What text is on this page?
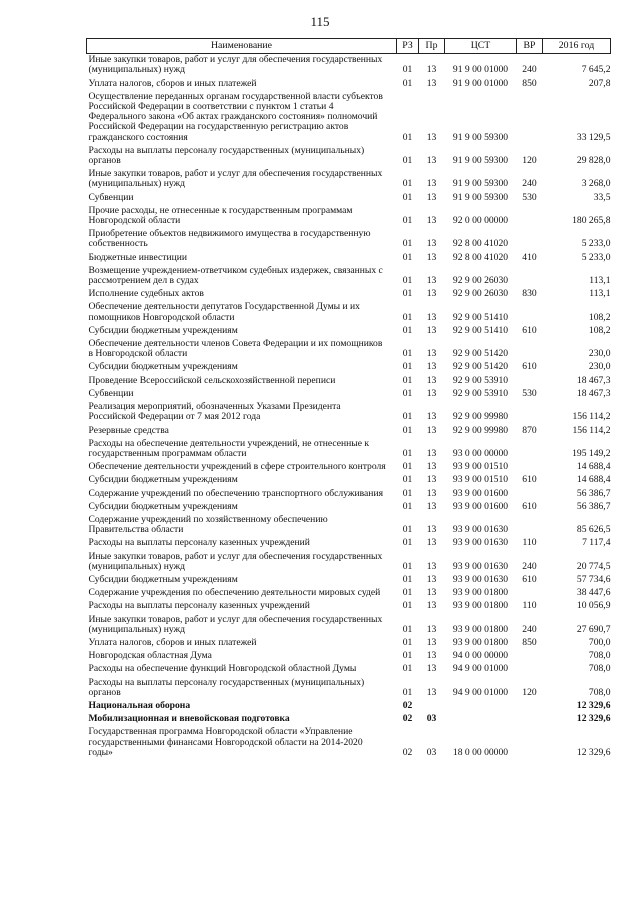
115
Наименование	РЗ	Пр	ЦСТ	ВР	2016 год
Иные закупки товаров, работ и услуг для обеспечения государственных (муниципальных) нужд	01	13	91 9 00 01000	240	7 645,2
Уплата налогов, сборов и иных платежей	01	13	91 9 00 01000	850	207,8
Осуществление переданных органам государственной власти субъектов Российской Федерации в соответствии с пунктом 1 статьи 4 Федерального закона «Об актах гражданского состояния» полномочий Российской Федерации на государственную регистрацию актов гражданского состояния	01	13	91 9 00 59300		33 129,5
Расходы на выплаты персоналу государственных (муниципальных) органов	01	13	91 9 00 59300	120	29 828,0
Иные закупки товаров, работ и услуг для обеспечения государственных (муниципальных) нужд	01	13	91 9 00 59300	240	3 268,0
Субвенции	01	13	91 9 00 59300	530	33,5
Прочие расходы, не отнесенные к государственным программам Новгородской области	01	13	92 0 00 00000		180 265,8
Приобретение объектов недвижимого имущества в государственную собственность	01	13	92 8 00 41020		5 233,0
Бюджетные инвестиции	01	13	92 8 00 41020	410	5 233,0
Возмещение учреждением-ответчиком судебных издержек, связанных с рассмотрением дел в судах	01	13	92 9 00 26030		113,1
Исполнение судебных актов	01	13	92 9 00 26030	830	113,1
Обеспечение деятельности депутатов Государственной Думы и их помощников Новгородской области	01	13	92 9 00 51410		108,2
Субсидии бюджетным учреждениям	01	13	92 9 00 51410	610	108,2
Обеспечение деятельности членов Совета Федерации и их помощников в Новгородской области	01	13	92 9 00 51420		230,0
Субсидии бюджетным учреждениям	01	13	92 9 00 51420	610	230,0
Проведение Всероссийской сельскохозяйственной переписи	01	13	92 9 00 53910		18 467,3
Субвенции	01	13	92 9 00 53910	530	18 467,3
Реализация мероприятий, обозначенных Указами Президента Российской Федерации от 7 мая 2012 года	01	13	92 9 00 99980		156 114,2
Резервные средства	01	13	92 9 00 99980	870	156 114,2
Расходы на обеспечение деятельности учреждений, не отнесенные к государственным программам области	01	13	93 0 00 00000		195 149,2
Обеспечение деятельности учреждений в сфере строительного контроля	01	13	93 9 00 01510		14 688,4
Субсидии бюджетным учреждениям	01	13	93 9 00 01510	610	14 688,4
Содержание учреждений по обеспечению транспортного обслуживания	01	13	93 9 00 01600		56 386,7
Субсидии бюджетным учреждениям	01	13	93 9 00 01600	610	56 386,7
Содержание учреждений по хозяйственному обеспечению Правительства области	01	13	93 9 00 01630		85 626,5
Расходы на выплаты персоналу казенных учреждений	01	13	93 9 00 01630	110	7 117,4
Иные закупки товаров, работ и услуг для обеспечения государственных (муниципальных) нужд	01	13	93 9 00 01630	240	20 774,5
Субсидии бюджетным учреждениям	01	13	93 9 00 01630	610	57 734,6
Содержание учреждения по обеспечению деятельности мировых судей	01	13	93 9 00 01800		38 447,6
Расходы на выплаты персоналу казенных учреждений	01	13	93 9 00 01800	110	10 056,9
Иные закупки товаров, работ и услуг для обеспечения государственных (муниципальных) нужд	01	13	93 9 00 01800	240	27 690,7
Уплата налогов, сборов и иных платежей	01	13	93 9 00 01800	850	700,0
Новгородская областная Дума	01	13	94 0 00 00000		708,0
Расходы на обеспечение функций Новгородской областной Думы	01	13	94 9 00 01000		708,0
Расходы на выплаты персоналу государственных (муниципальных) органов	01	13	94 9 00 01000	120	708,0
Национальная оборона	02				12 329,6
Мобилизационная и вневойсковая подготовка	02	03			12 329,6
Государственная программа Новгородской области «Управление государственными финансами Новгородской области на 2014-2020 годы»	02	03	18 0 00 00000		12 329,6
